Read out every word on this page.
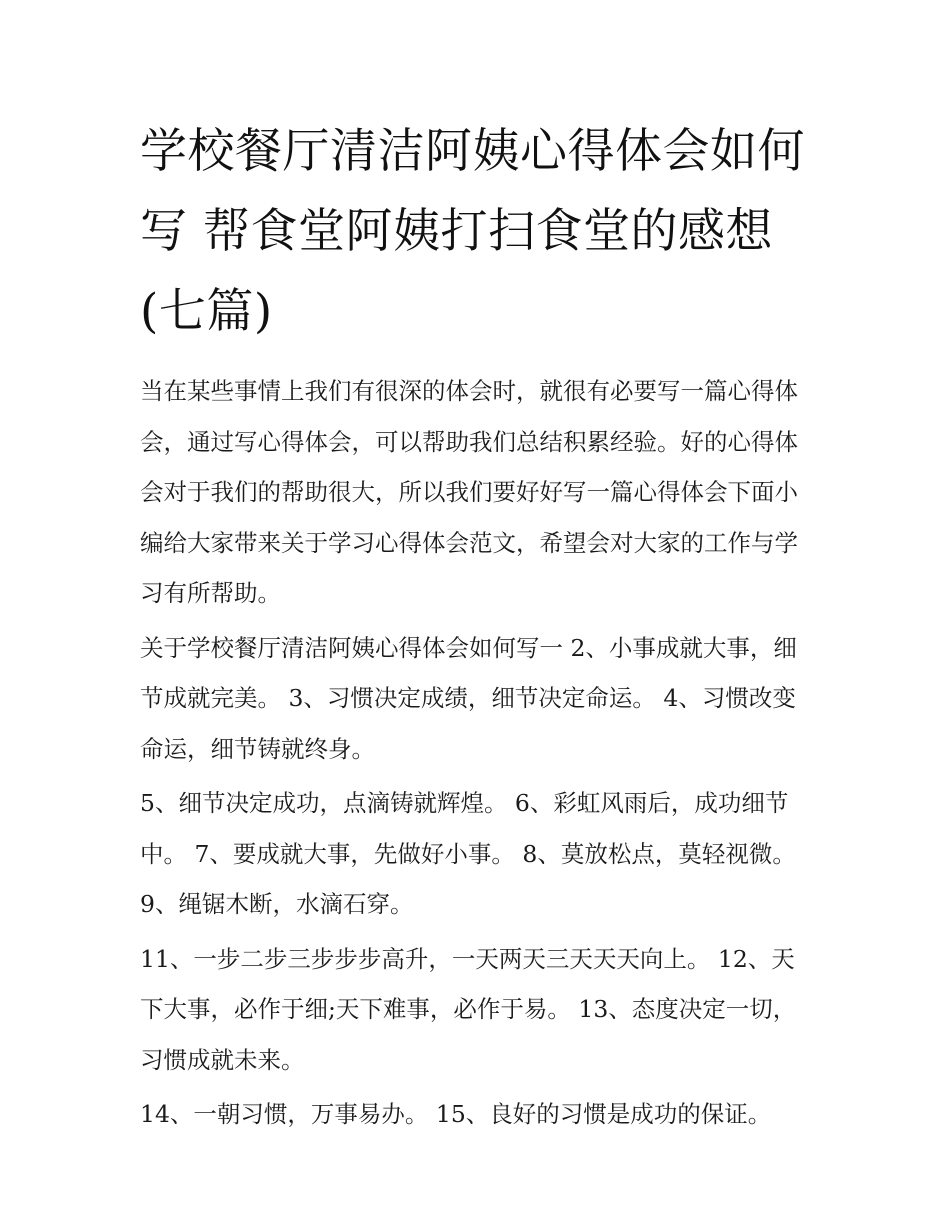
学校餐厅清洁阿姨心得体会如何写 帮食堂阿姨打扫食堂的感想(七篇)

当在某些事情上我们有很深的体会时，就很有必要写一篇心得体会，通过写心得体会，可以帮助我们总结积累经验。好的心得体会对于我们的帮助很大，所以我们要好好写一篇心得体会下面小编给大家带来关于学习心得体会范文，希望会对大家的工作与学习有所帮助。

关于学校餐厅清洁阿姨心得体会如何写一 2、小事成就大事，细节成就完美。 3、习惯决定成绩，细节决定命运。 4、习惯改变命运，细节铸就终身。

5、细节决定成功，点滴铸就辉煌。 6、彩虹风雨后，成功细节中。 7、要成就大事，先做好小事。 8、莫放松点，莫轻视微。 9、绳锯木断，水滴石穿。

11、一步二步三步步步高升，一天两天三天天天向上。 12、天下大事，必作于细;天下难事，必作于易。 13、态度决定一切，习惯成就未来。

14、一朝习惯，万事易办。 15、良好的习惯是成功的保证。
